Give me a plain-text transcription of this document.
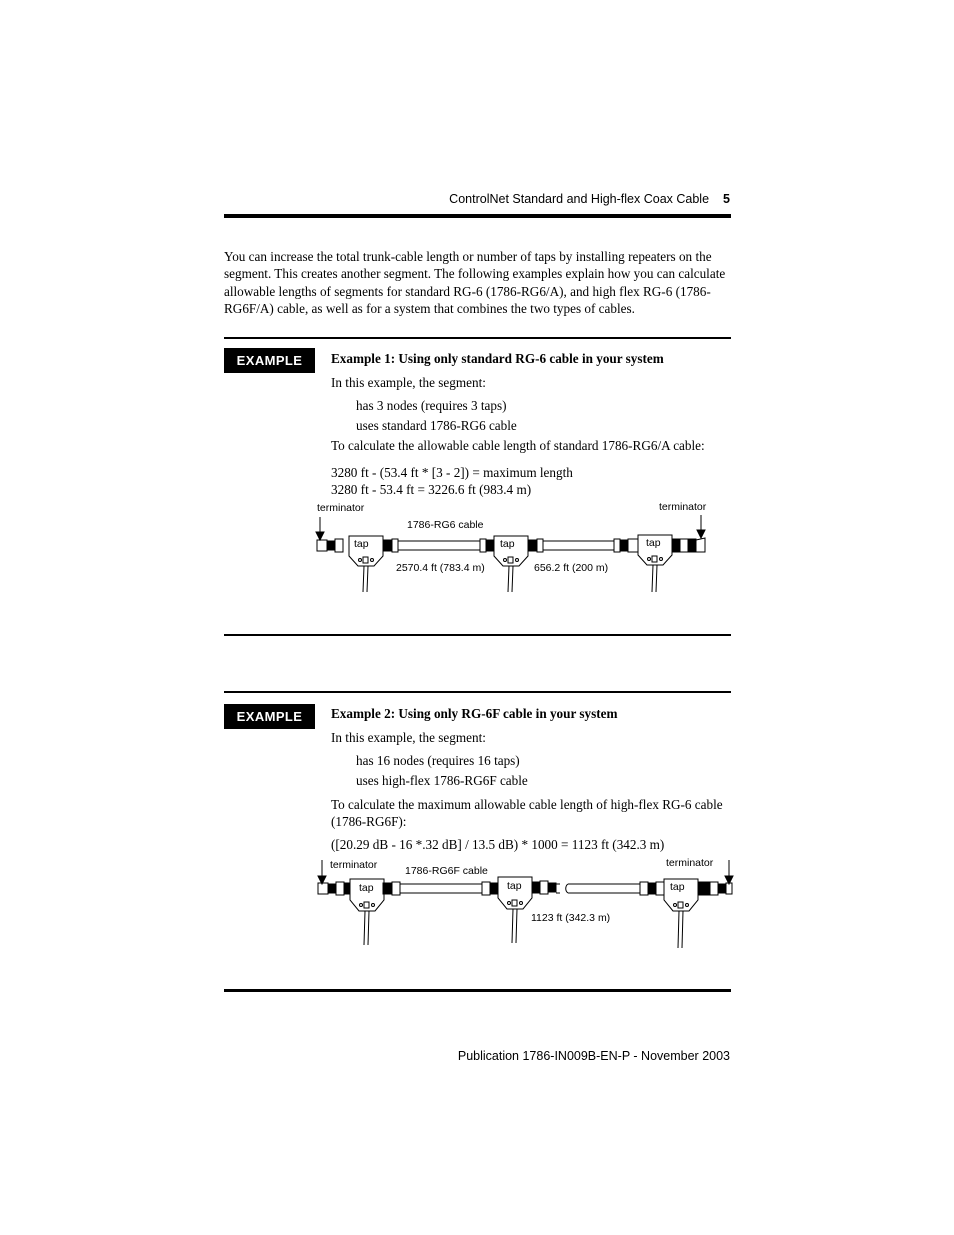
ControlNet Standard and High-flex Coax Cable 5
You can increase the total trunk-cable length or number of taps by installing repeaters on the segment. This creates another segment. The following examples explain how you can calculate allowable lengths of segments for standard RG-6 (1786-RG6/A), and high flex RG-6 (1786-RG6F/A) cable, as well as for a system that combines the two types of cables.
EXAMPLE	Example 1: Using only standard RG-6 cable in your system
In this example, the segment:
has 3 nodes (requires 3 taps)
uses standard 1786-RG6 cable
To calculate the allowable cable length of standard 1786-RG6/A cable:
3280 ft - (53.4 ft * [3 - 2]) = maximum length
3280 ft - 53.4 ft = 3226.6 ft (983.4 m)
terminator	terminator
1786-RG6 cable
tap	tap	tap
2570.4 ft (783.4 m)	656.2 ft (200 m)
EXAMPLE	Example 2: Using only RG-6F cable in your system
In this example, the segment:
has 16 nodes (requires 16 taps)
uses high-flex 1786-RG6F cable
To calculate the maximum allowable cable length of high-flex RG-6 cable (1786-RG6F):
([20.29 dB - 16 *.32 dB] / 13.5 dB) * 1000 = 1123 ft (342.3 m)
terminator	terminator
1786-RG6F cable
tap	tap	tap
1123 ft (342.3 m)
Publication 1786-IN009B-EN-P - November 2003
